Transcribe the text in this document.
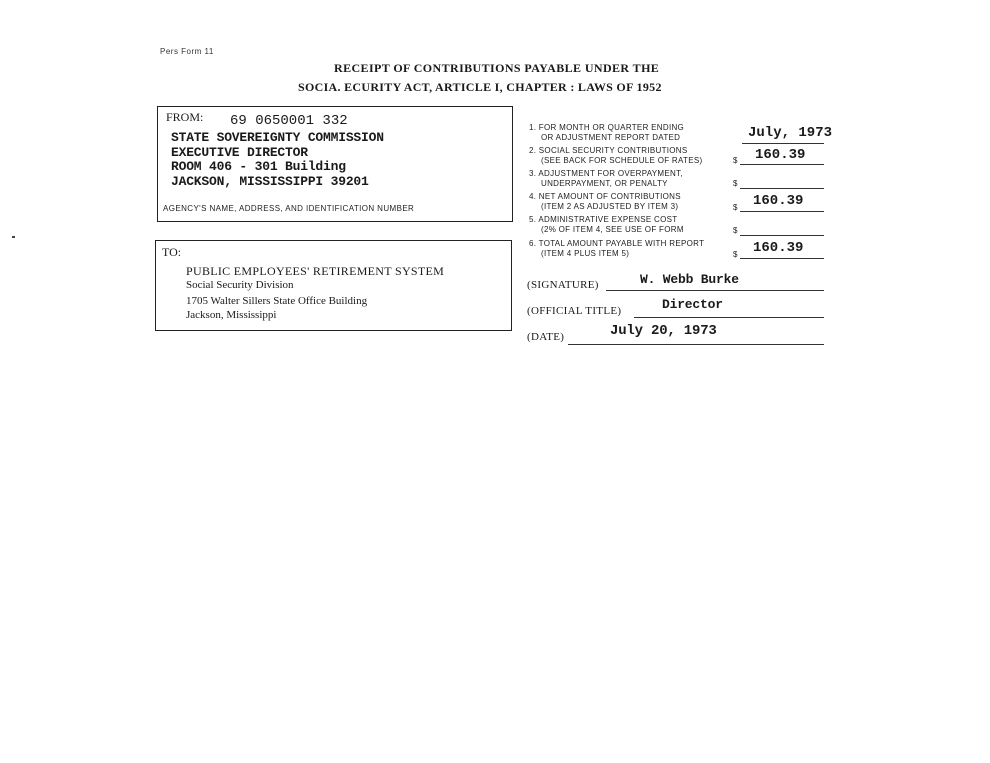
Pers Form 11
RECEIPT OF CONTRIBUTIONS PAYABLE UNDER THE
SOCIA. ECURITY ACT, ARTICLE I, CHAPTER : LAWS OF 1952
FROM: 69 0650001 332
STATE SOVEREIGNTY COMMISSION
EXECUTIVE DIRECTOR
ROOM 406 - 301 Building
JACKSON, MISSISSIPPI 39201
AGENCY'S NAME, ADDRESS, AND IDENTIFICATION NUMBER
TO:
PUBLIC EMPLOYEES' RETIREMENT SYSTEM
Social Security Division
1705 Walter Sillers State Office Building
Jackson, Mississippi
1. FOR MONTH OR QUARTER ENDING
OR ADJUSTMENT REPORT DATED	July, 1973
2. SOCIAL SECURITY CONTRIBUTIONS
(SEE BACK FOR SCHEDULE OF RATES)	$ 160.39
3. ADJUSTMENT FOR OVERPAYMENT,
UNDERPAYMENT, OR PENALTY	$
4. NET AMOUNT OF CONTRIBUTIONS
(ITEM 2 AS ADJUSTED BY ITEM 3)	$ 160.39
5. ADMINISTRATIVE EXPENSE COST
(2% OF ITEM 4, SEE USE OF FORM	$
6. TOTAL AMOUNT PAYABLE WITH REPORT
(ITEM 4 PLUS ITEM 5)	$ 160.39
(SIGNATURE)	W. Webb Burke
(OFFICIAL TITLE)	Director
(DATE)	July 20, 1973
